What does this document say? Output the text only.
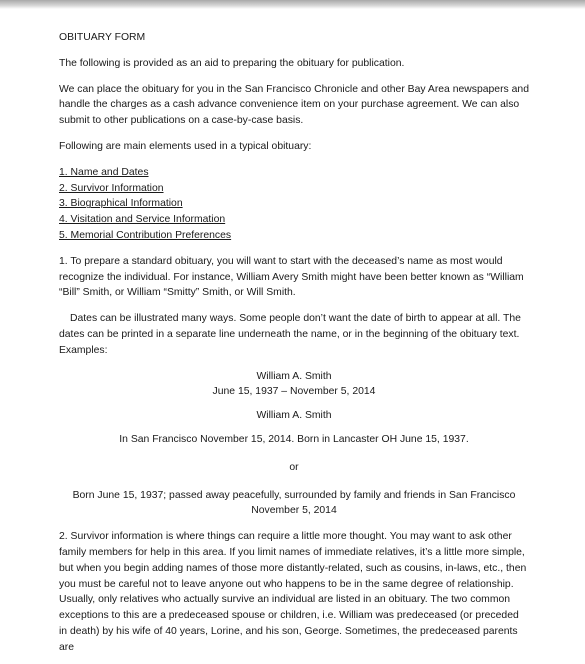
OBITUARY FORM

The following is provided as an aid to preparing the obituary for publication.

We can place the obituary for you in the San Francisco Chronicle and other Bay Area newspapers and handle the charges as a cash advance convenience item on your purchase agreement. We can also submit to other publications on a case-by-case basis.

Following are main elements used in a typical obituary:

1. Name and Dates
2. Survivor Information
3. Biographical Information
4. Visitation and Service Information
5. Memorial Contribution Preferences

1. To prepare a standard obituary, you will want to start with the deceased’s name as most would recognize the individual. For instance, William Avery Smith might have been better known as “William “Bill” Smith, or William “Smitty” Smith, or Will Smith.

Dates can be illustrated many ways. Some people don’t want the date of birth to appear at all. The dates can be printed in a separate line underneath the name, or in the beginning of the obituary text. Examples:

William A. Smith

June 15, 1937 – November 5, 2014

William A. Smith

In San Francisco November 15, 2014. Born in Lancaster OH June 15, 1937.

or

Born June 15, 1937; passed away peacefully, surrounded by family and friends in San Francisco

November 5, 2014

2. Survivor information is where things can require a little more thought. You may want to ask other family members for help in this area. If you limit names of immediate relatives, it’s a little more simple, but when you begin adding names of those more distantly-related, such as cousins, in-laws, etc., then you must be careful not to leave anyone out who happens to be in the same degree of relationship. Usually, only relatives who actually survive an individual are listed in an obituary. The two common exceptions to this are a predeceased spouse or children, i.e. William was predeceased (or preceded in death) by his wife of 40 years, Lorine, and his son, George. Sometimes, the predeceased parents are
